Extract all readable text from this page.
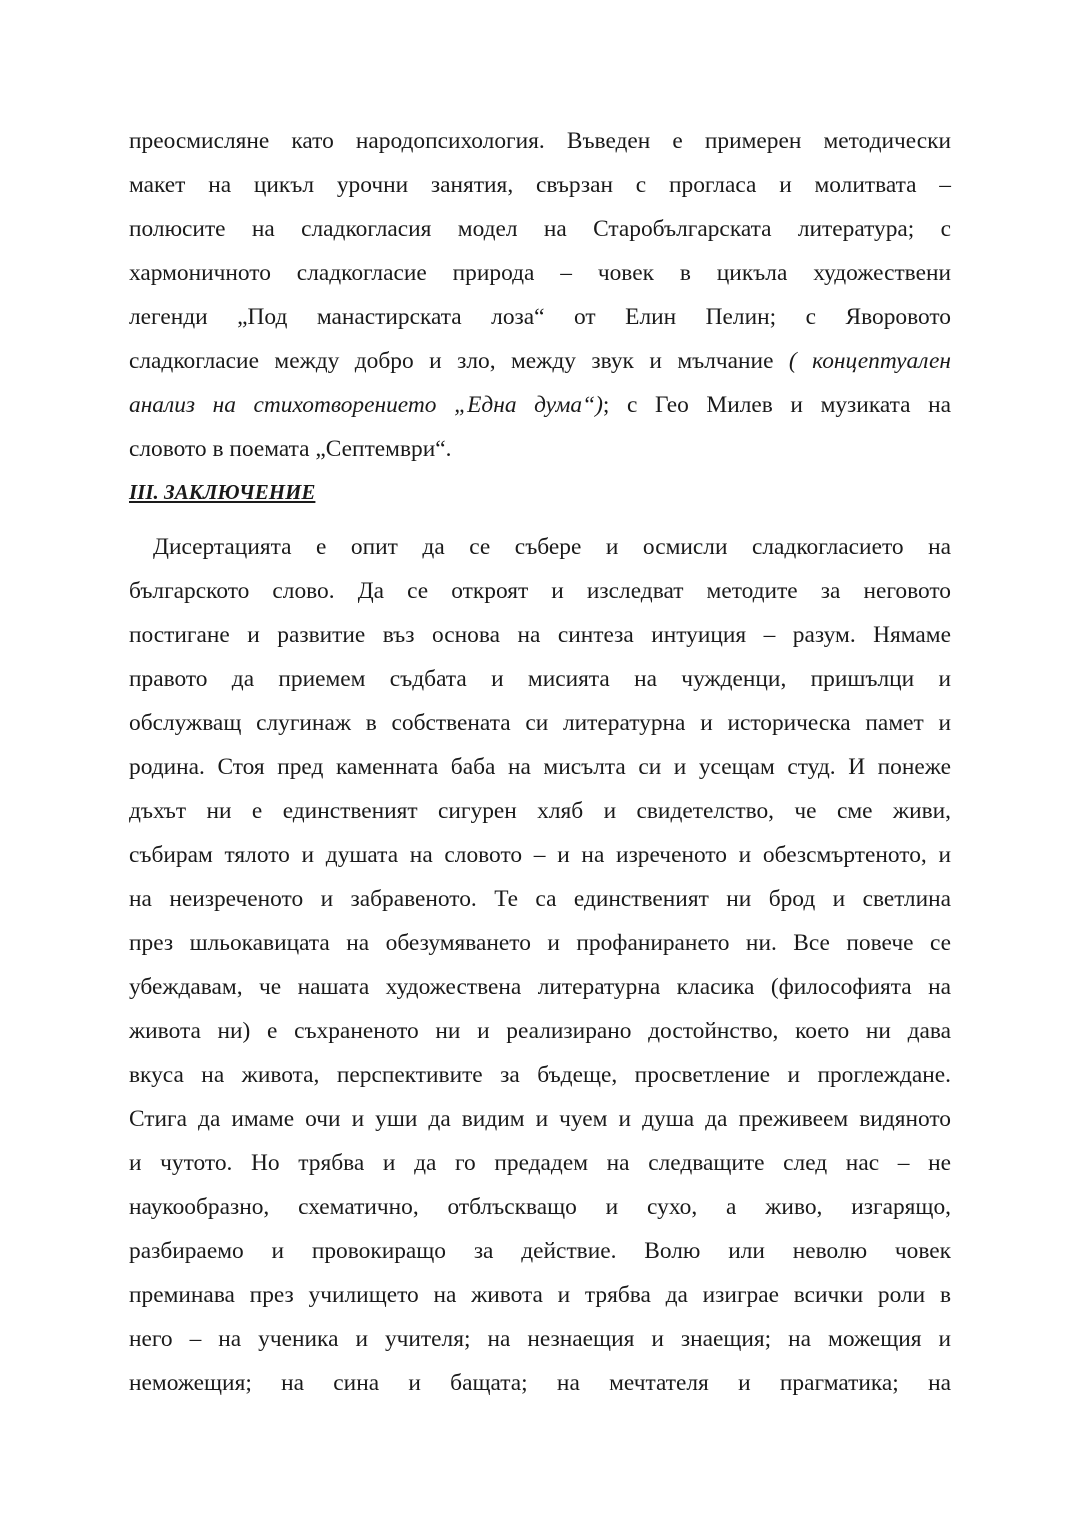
преосмисляне като народопсихология. Въведен е примерен методически
макет на цикъл урочни занятия, свързан с прогласа и молитвата –
полюсите на сладкогласия модел на Старобългарската литература; с
хармоничното сладкогласие природа – човек в цикъла художествени
легенди „Под манастирската лоза“ от Елин Пелин; с Яворовото
сладкогласие между добро и зло, между звук и мълчание ( концептуален
анализ на стихотворението „Една дума“); с Гео Милев и музиката на
словото в поемата „Септември“.
III. ЗАКЛЮЧЕНИЕ
Дисертацията е опит да се събере и осмисли сладкогласието на
българското слово. Да се откроят и изследват методите за неговото
постигане и развитие въз основа на синтеза интуиция – разум. Нямаме
правото да приемем съдбата и мисията на чужденци, пришълци и
обслужващ слугинаж в собствената си литературна и историческа памет и
родина. Стоя пред каменната баба на мисълта си и усещам студ. И понеже
дъхът ни е единственият сигурен хляб и свидетелство, че сме живи,
събирам тялото и душата на словото – и на изреченото и обезсмъртеното, и
на неизреченото и забравеното. Те са единственият ни брод и светлина
през шльокавицата на обезумяването и профанирането ни. Все повече се
убеждавам, че нашата художествена литературна класика (философията на
живота ни) е съхраненото ни и реализирано достойнство, което ни дава
вкуса на живота, перспективите за бъдеще, просветление и проглеждане.
Стига да имаме очи и уши да видим и чуем и душа да преживеем видяното
и чутото. Но трябва и да го предадем на следващите след нас – не
наукообразно, схематично, отблъскващо и сухо, а живо, изгарящо,
разбираемо и провокиращо за действие. Волю или неволю човек
преминава през училището на живота и трябва да изиграе всички роли в
него – на ученика и учителя; на незнаещия и знаещия; на можещия и
неможещия; на сина и бащата; на мечтателя и прагматика; на
